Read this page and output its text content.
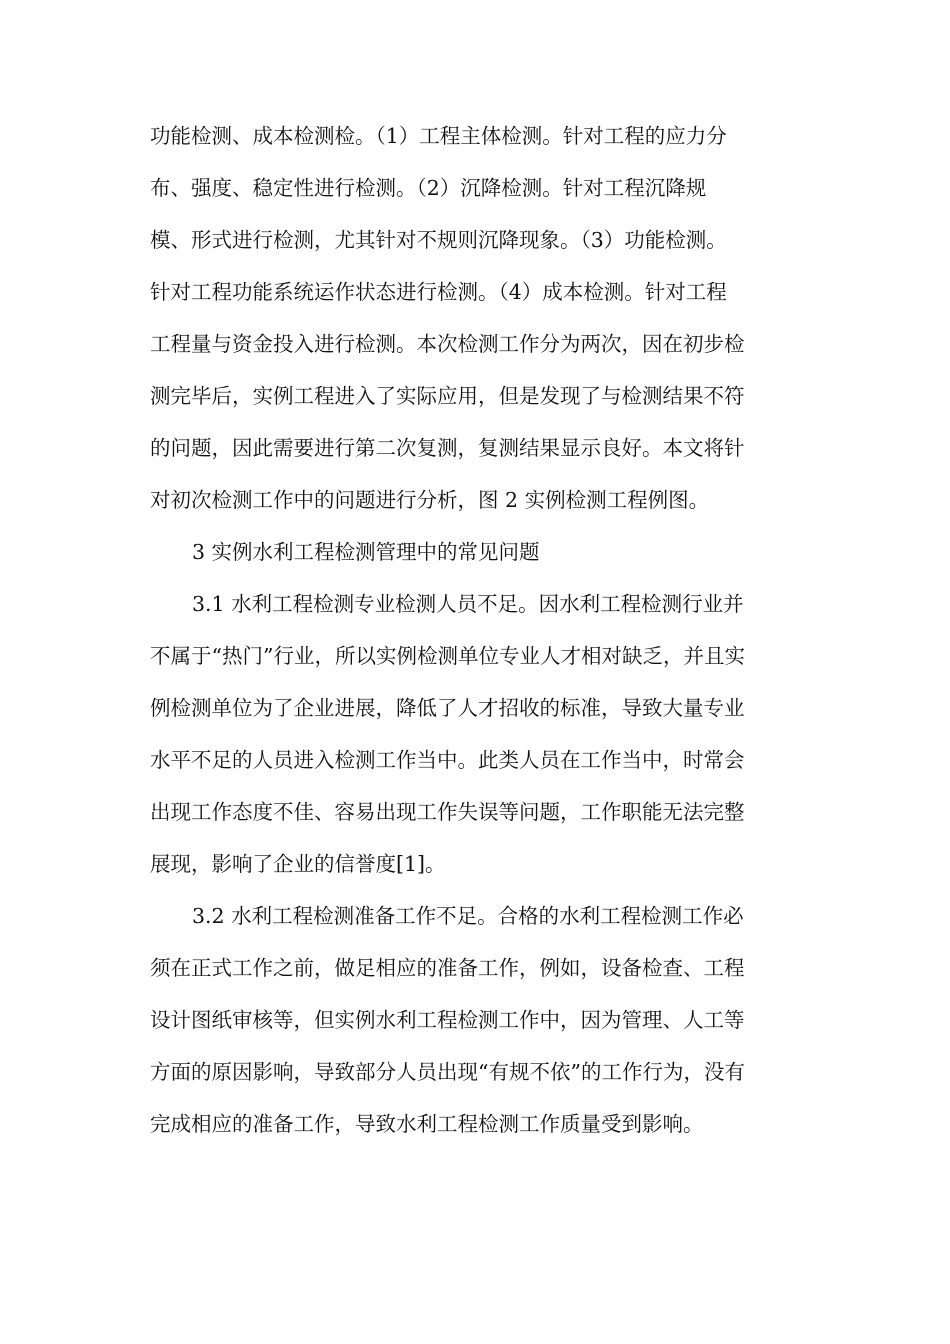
功能检测、成本检测检。（1）工程主体检测。针对工程的应力分
布、强度、稳定性进行检测。（2）沉降检测。针对工程沉降规
模、形式进行检测，尤其针对不规则沉降现象。（3）功能检测。
针对工程功能系统运作状态进行检测。（4）成本检测。针对工程
工程量与资金投入进行检测。本次检测工作分为两次，因在初步检
测完毕后，实例工程进入了实际应用，但是发现了与检测结果不符
的问题，因此需要进行第二次复测，复测结果显示良好。本文将针
对初次检测工作中的问题进行分析，图 2 实例检测工程例图。
3 实例水利工程检测管理中的常见问题
3.1 水利工程检测专业检测人员不足。因水利工程检测行业并
不属于“热门”行业，所以实例检测单位专业人才相对缺乏，并且实
例检测单位为了企业进展，降低了人才招收的标准，导致大量专业
水平不足的人员进入检测工作当中。此类人员在工作当中，时常会
出现工作态度不佳、容易出现工作失误等问题，工作职能无法完整
展现，影响了企业的信誉度[1]。
3.2 水利工程检测准备工作不足。合格的水利工程检测工作必
须在正式工作之前，做足相应的准备工作，例如，设备检查、工程
设计图纸审核等，但实例水利工程检测工作中，因为管理、人工等
方面的原因影响，导致部分人员出现“有规不依”的工作行为，没有
完成相应的准备工作，导致水利工程检测工作质量受到影响。
